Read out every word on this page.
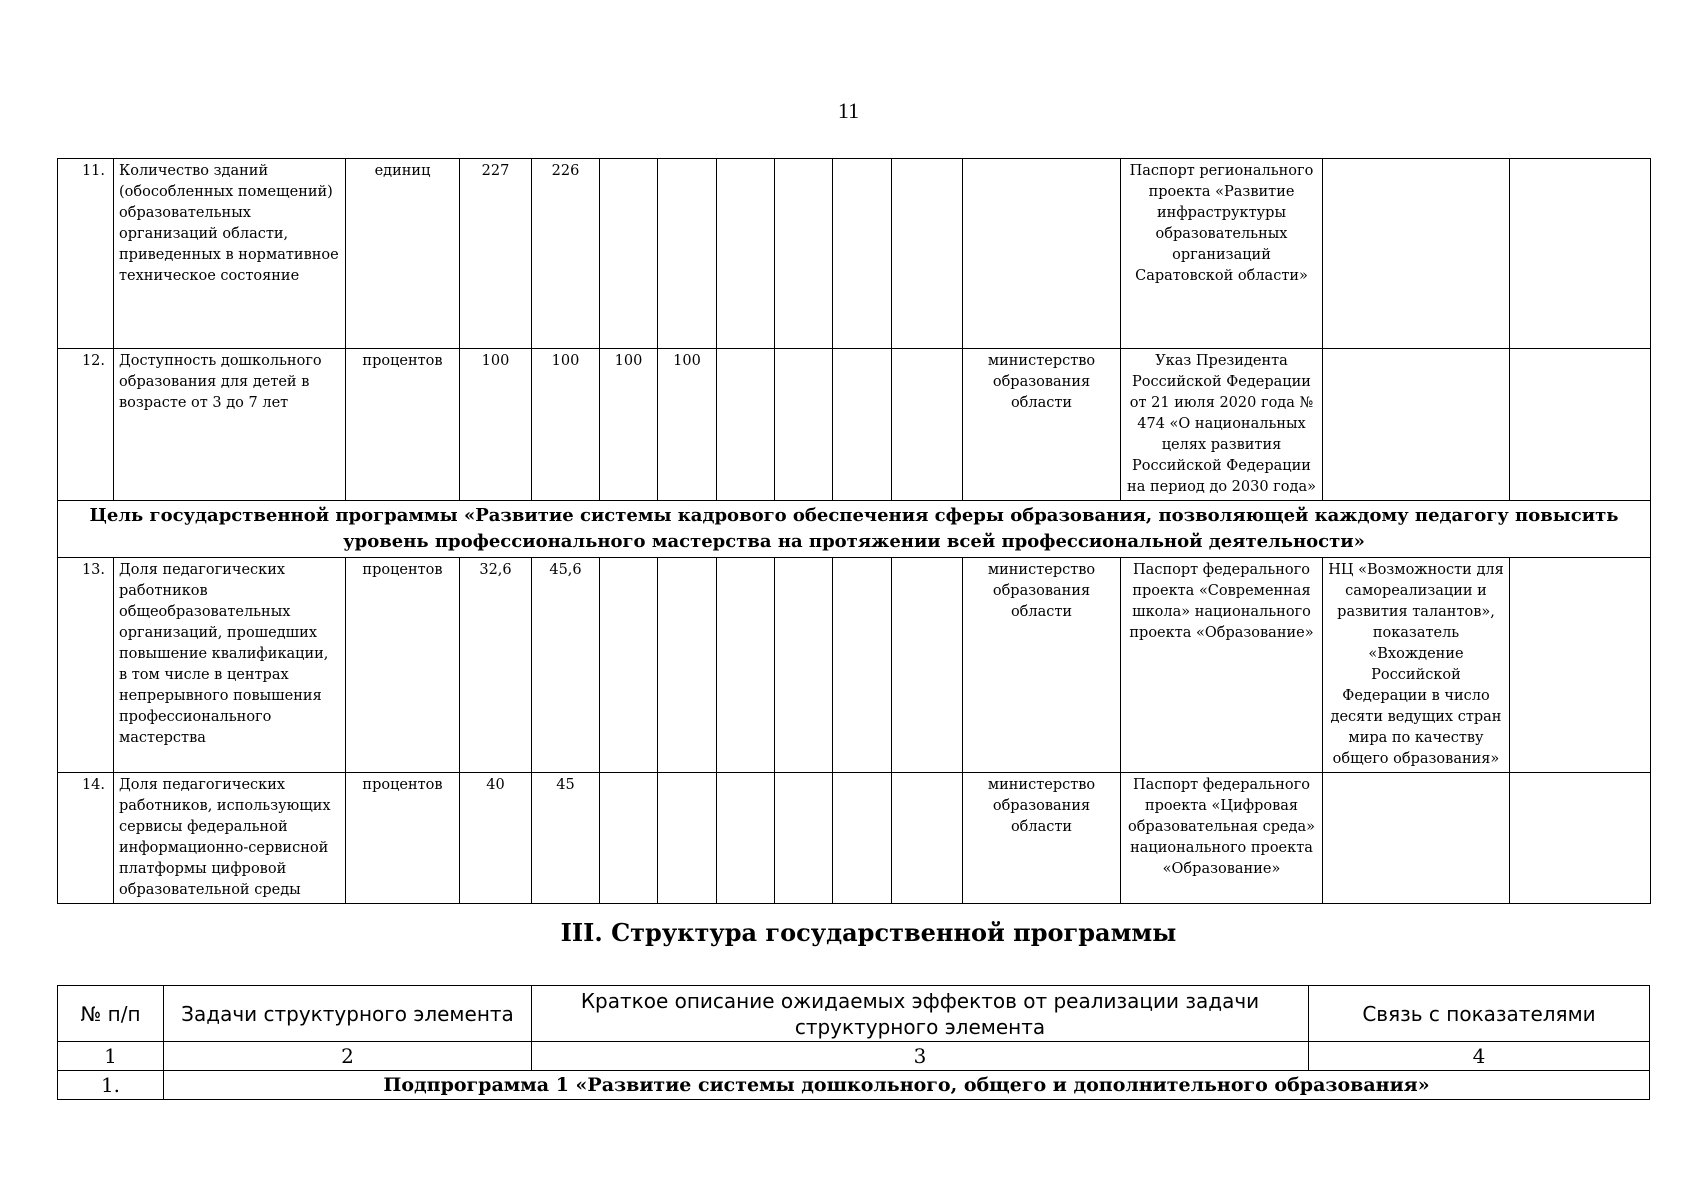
11
11.	Количество зданий (обособленных помещений) образовательных организаций области, приведенных в нормативное техническое состояние	единиц	227	226								Паспорт регионального проекта «Развитие инфраструктуры образовательных организаций Саратовской области»		
12.	Доступность дошкольного образования для детей в возрасте от 3 до 7 лет	процентов	100	100	100	100					министерство образования области	Указ Президента Российской Федерации от 21 июля 2020 года № 474 «О национальных целях развития Российской Федерации на период до 2030 года»		
Цель государственной программы «Развитие системы кадрового обеспечения сферы образования, позволяющей каждому педагогу повысить уровень профессионального мастерства на протяжении всей профессиональной деятельности»														
13.	Доля педагогических работников общеобразовательных организаций, прошедших повышение квалификации, в том числе в центрах непрерывного повышения профессионального мастерства	процентов	32,6	45,6							министерство образования области	Паспорт федерального проекта «Современная школа» национального проекта «Образование»	НЦ «Возможности для самореализации и развития талантов», показатель «Вхождение Российской Федерации в число десяти ведущих стран мира по качеству общего образования»	
14.	Доля педагогических работников, использующих сервисы федеральной информационно-сервисной платформы цифровой образовательной среды	процентов	40	45							министерство образования области	Паспорт федерального проекта «Цифровая образовательная среда» национального проекта «Образование»		
III. Структура государственной программы
№ п/п	Задачи структурного элемента	Краткое описание ожидаемых эффектов от реализации задачи структурного элемента	Связь с показателями
1	2	3	4
1.	Подпрограмма 1 «Развитие системы дошкольного, общего и дополнительного образования»		
